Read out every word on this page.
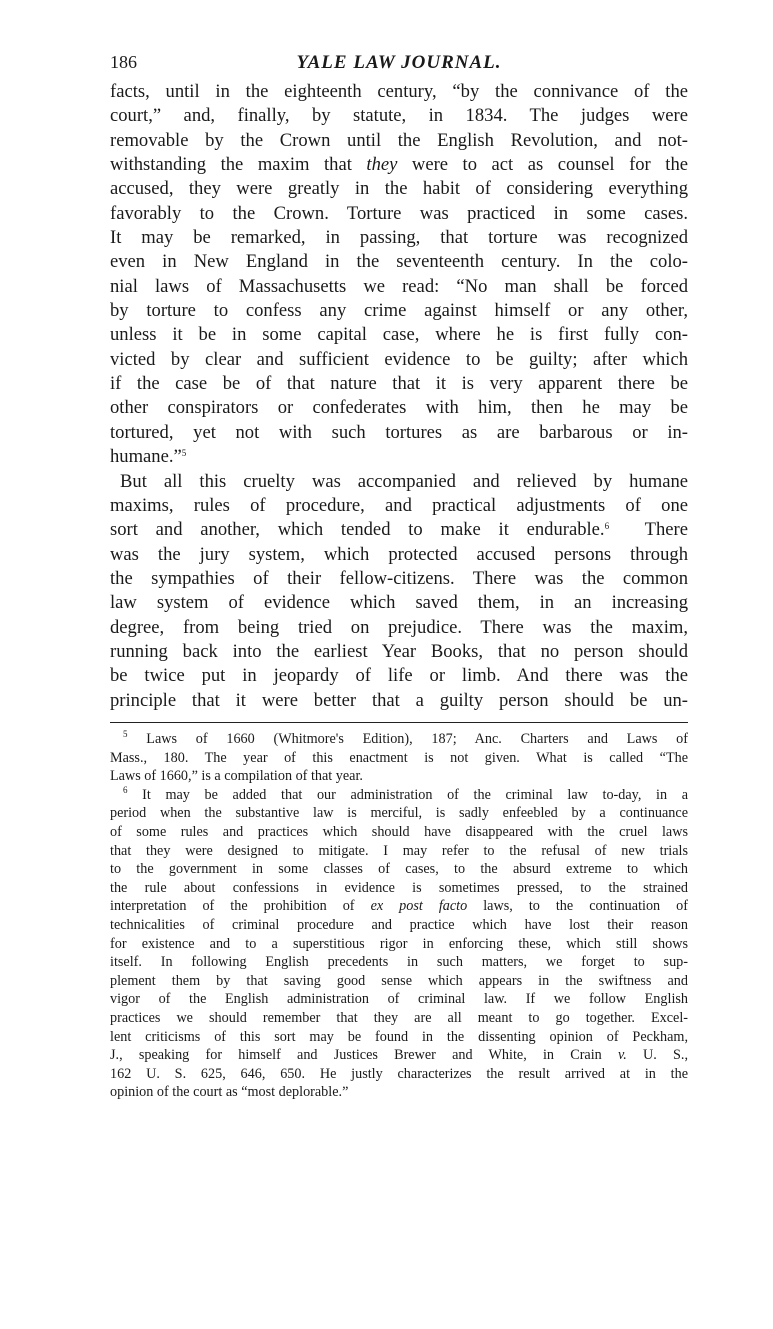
186	YALE LAW JOURNAL.
facts, until in the eighteenth century, “by the connivance of the
court,” and, finally, by statute, in 1834. The judges were
removable by the Crown until the English Revolution, and not-
withstanding the maxim that they were to act as counsel for the
accused, they were greatly in the habit of considering everything
favorably to the Crown. Torture was practiced in some cases.
It may be remarked, in passing, that torture was recognized
even in New England in the seventeenth century. In the colo-
nial laws of Massachusetts we read: “No man shall be forced
by torture to confess any crime against himself or any other,
unless it be in some capital case, where he is first fully con-
victed by clear and sufficient evidence to be guilty; after which
if the case be of that nature that it is very apparent there be
other conspirators or confederates with him, then he may be
tortured, yet not with such tortures as are barbarous or in-
humane.”$^5$
But all this cruelty was accompanied and relieved by humane
maxims, rules of procedure, and practical adjustments of one
sort and another, which tended to make it endurable.$^6$ There
was the jury system, which protected accused persons through
the sympathies of their fellow-citizens. There was the common
law system of evidence which saved them, in an increasing
degree, from being tried on prejudice. There was the maxim,
running back into the earliest Year Books, that no person should
be twice put in jeopardy of life or limb. And there was the
principle that it were better that a guilty person should be un-
$^5$ Laws of 1660 (Whitmore's Edition), 187; Anc. Charters and Laws of
Mass., 180. The year of this enactment is not given. What is called “The
Laws of 1660,” is a compilation of that year.
$^6$ It may be added that our administration of the criminal law to-day, in a
period when the substantive law is merciful, is sadly enfeebled by a continuance
of some rules and practices which should have disappeared with the cruel laws
that they were designed to mitigate. I may refer to the refusal of new trials
to the government in some classes of cases, to the absurd extreme to which
the rule about confessions in evidence is sometimes pressed, to the strained
interpretation of the prohibition of ex post facto laws, to the continuation of
technicalities of criminal procedure and practice which have lost their reason
for existence and to a superstitious rigor in enforcing these, which still shows
itself. In following English precedents in such matters, we forget to sup-
plement them by that saving good sense which appears in the swiftness and
vigor of the English administration of criminal law. If we follow English
practices we should remember that they are all meant to go together. Excel-
lent criticisms of this sort may be found in the dissenting opinion of Peckham,
J., speaking for himself and Justices Brewer and White, in Crain v. U. S.,
162 U. S. 625, 646, 650. He justly characterizes the result arrived at in the
opinion of the court as “most deplorable.”
